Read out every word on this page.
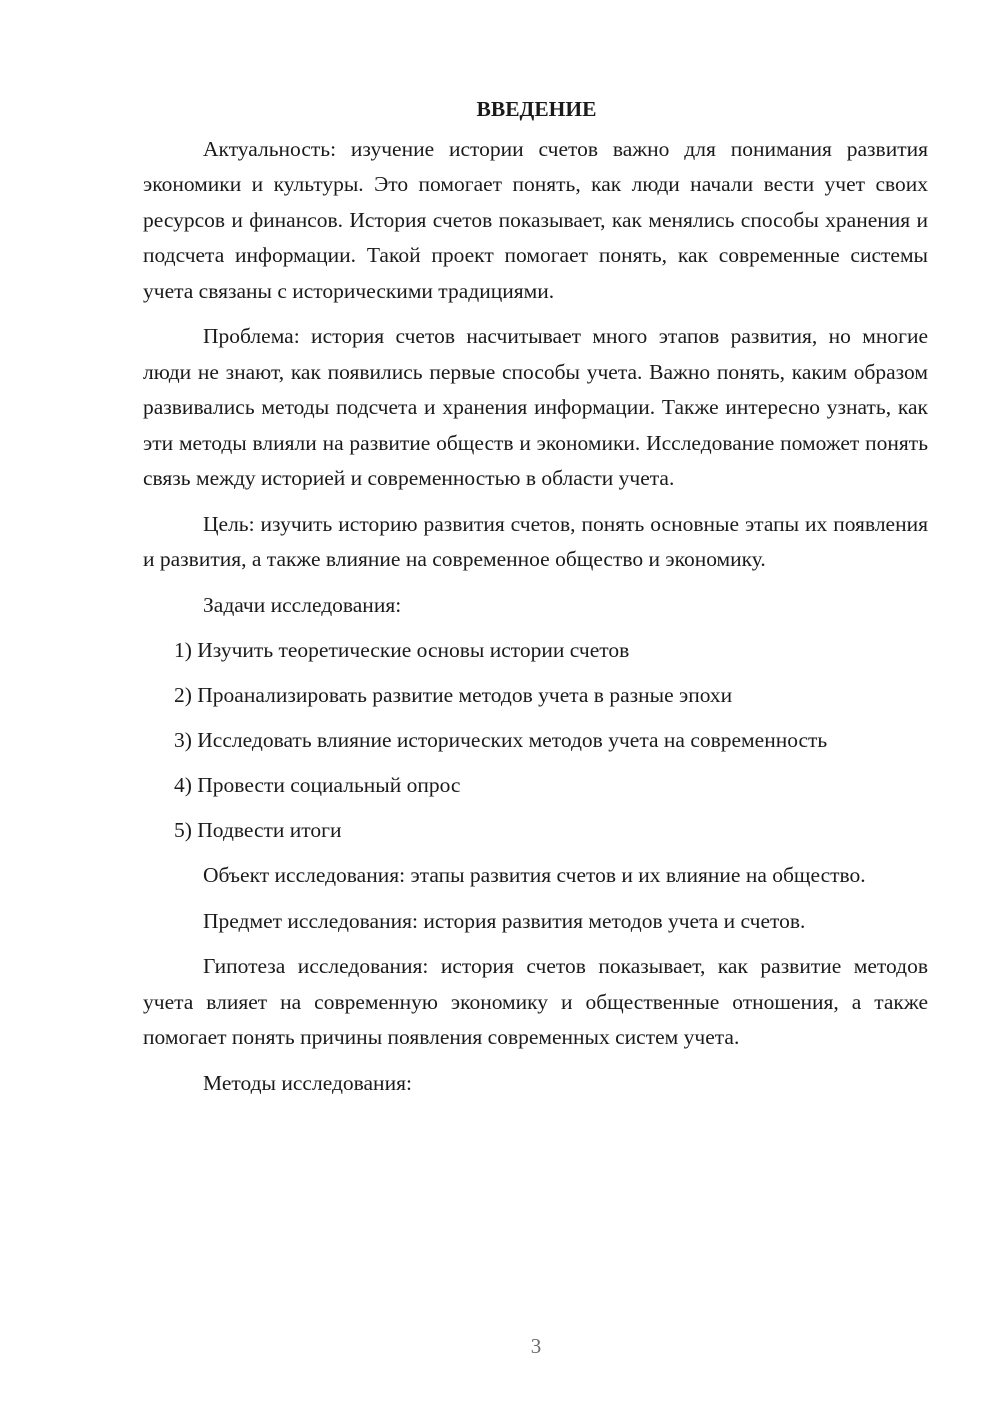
ВВЕДЕНИЕ

Актуальность: изучение истории счетов важно для понимания развития экономики и культуры. Это помогает понять, как люди начали вести учет своих ресурсов и финансов. История счетов показывает, как менялись способы хранения и подсчета информации. Такой проект помогает понять, как современные системы учета связаны с историческими традициями.

Проблема: история счетов насчитывает много этапов развития, но многие люди не знают, как появились первые способы учета. Важно понять, каким образом развивались методы подсчета и хранения информации. Также интересно узнать, как эти методы влияли на развитие обществ и экономики. Исследование поможет понять связь между историей и современностью в области учета.

Цель: изучить историю развития счетов, понять основные этапы их появления и развития, а также влияние на современное общество и экономику.

Задачи исследования:

1) Изучить теоретические основы истории счетов

2) Проанализировать развитие методов учета в разные эпохи

3) Исследовать влияние исторических методов учета на современность

4) Провести социальный опрос

5) Подвести итоги

Объект исследования: этапы развития счетов и их влияние на общество.

Предмет исследования: история развития методов учета и счетов.

Гипотеза исследования: история счетов показывает, как развитие методов учета влияет на современную экономику и общественные отношения, а также помогает понять причины появления современных систем учета.

Методы исследования:

3
